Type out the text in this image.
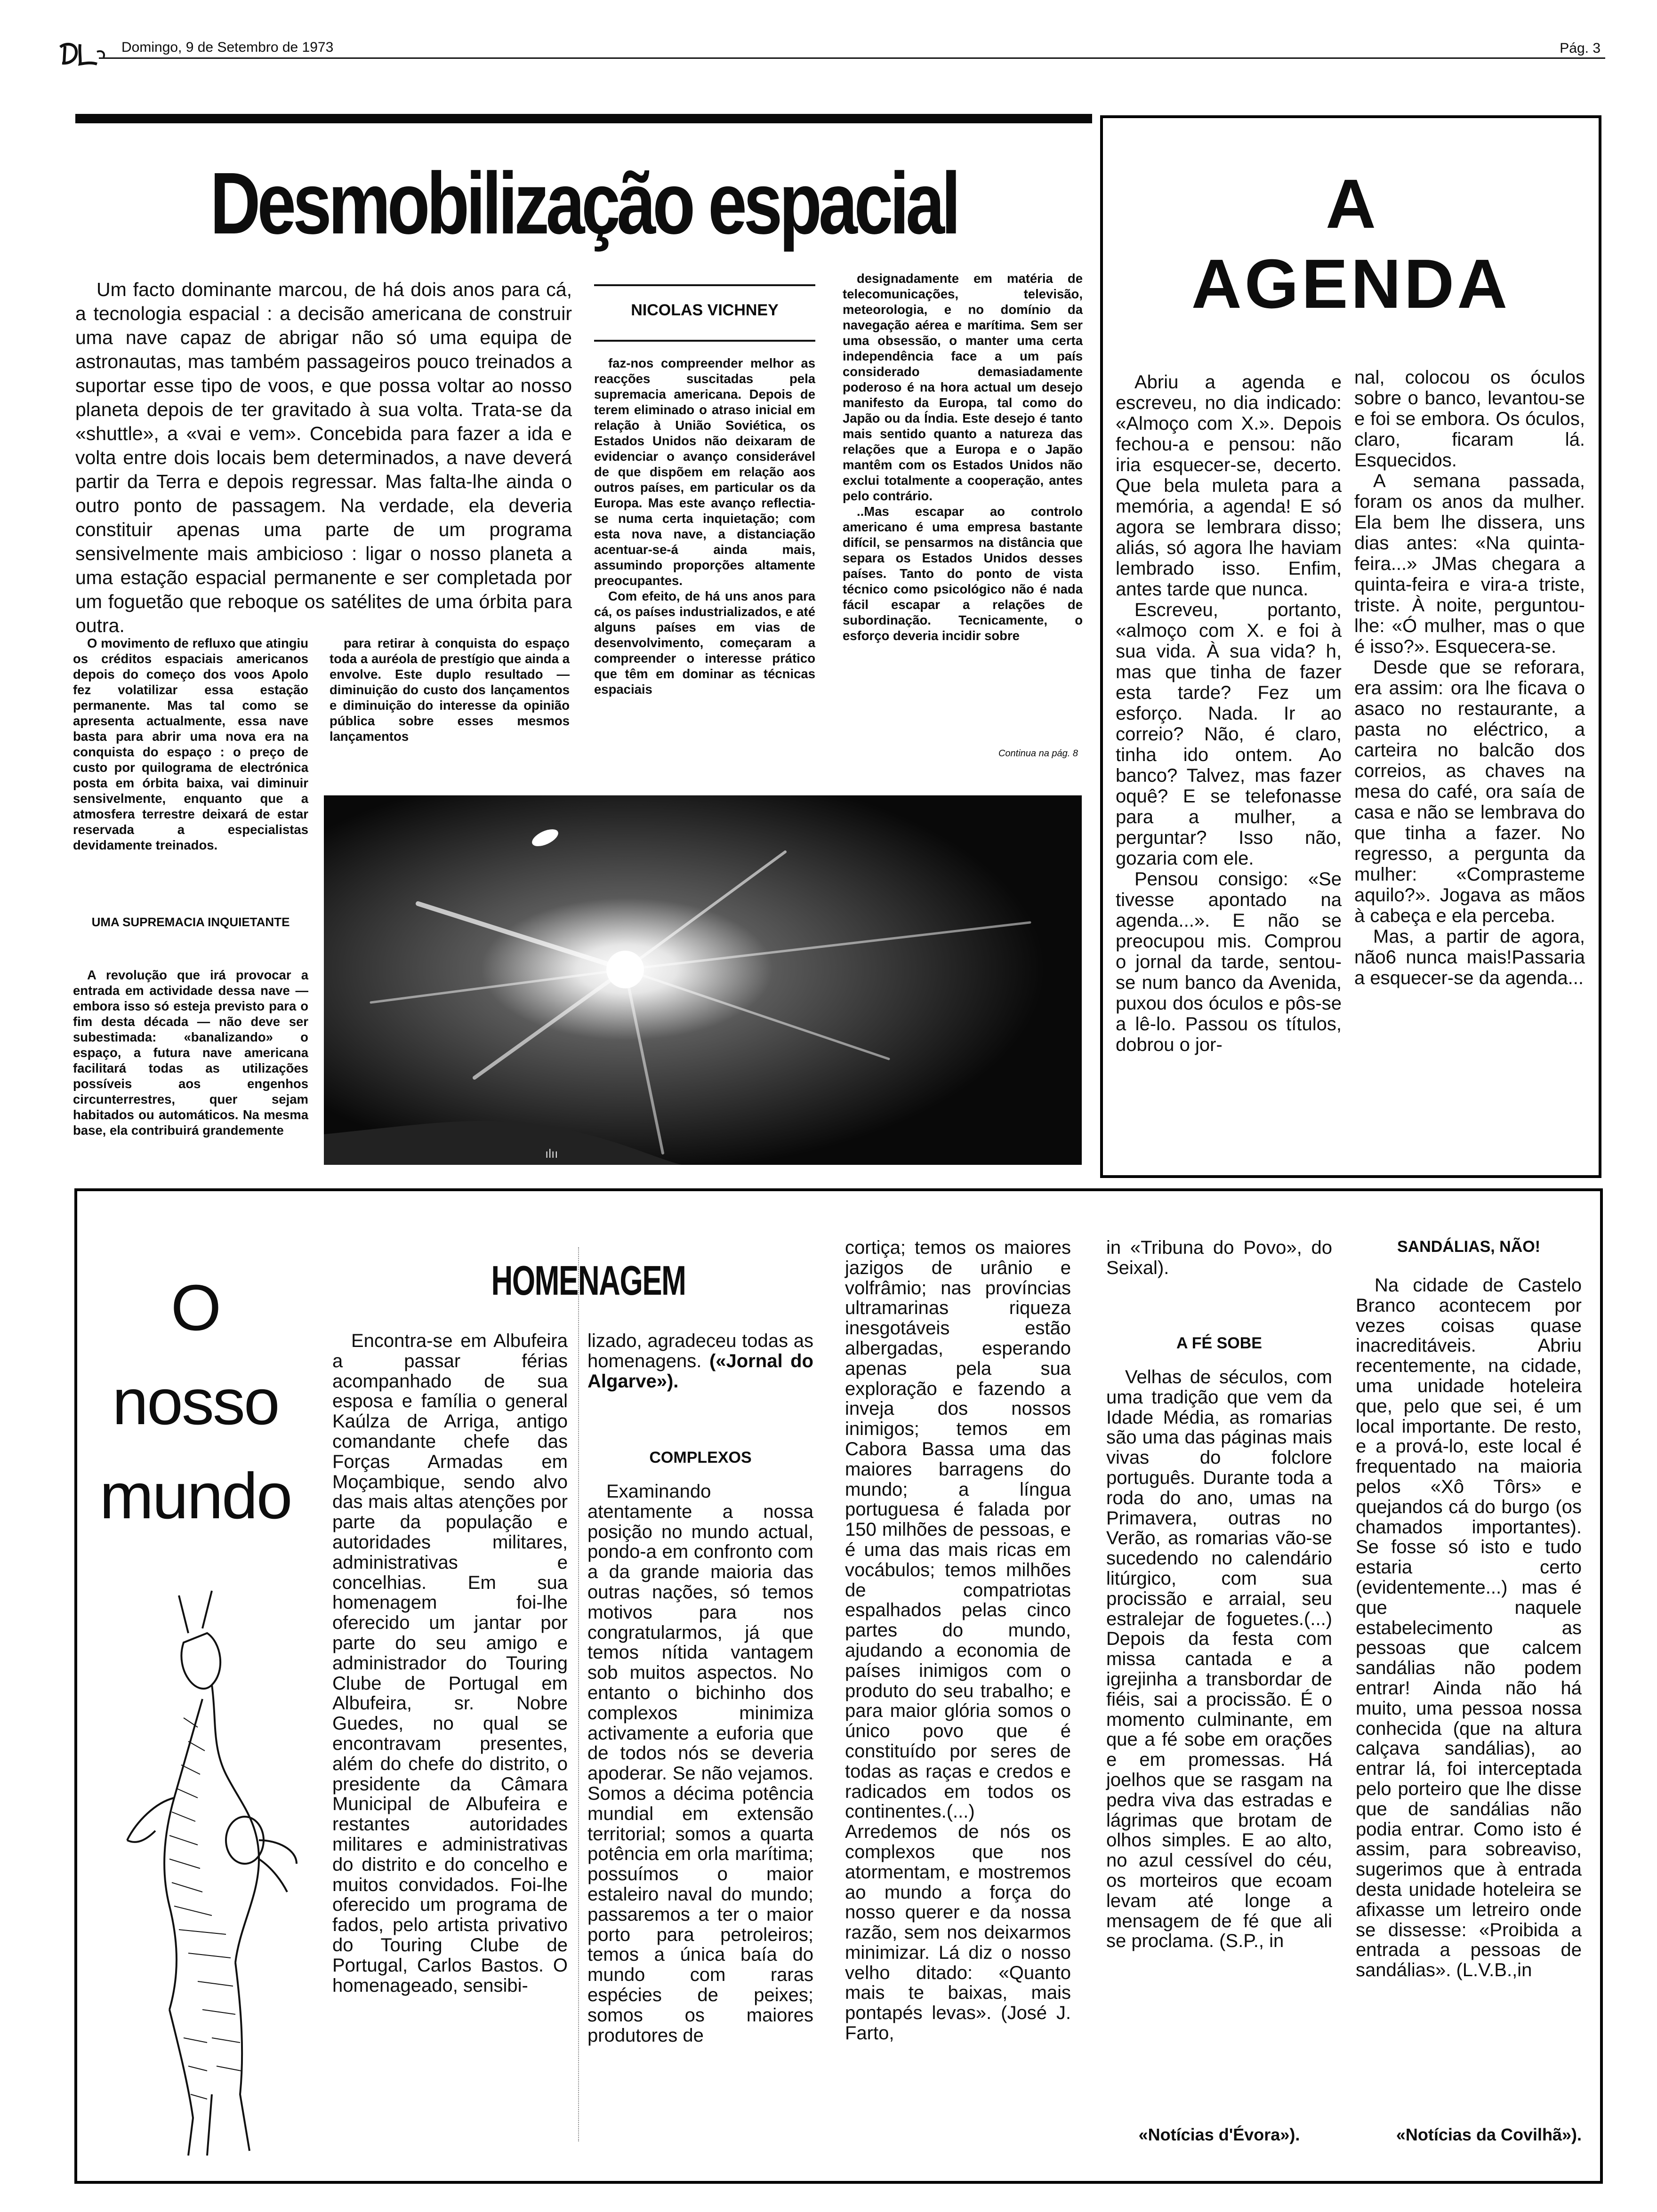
Domingo, 9 de Setembro de 1973	Pág. 3
Desmobilização espacial

Um facto dominante marcou, de há dois anos para cá, a tecnologia espacial : a decisão americana de construir uma nave capaz de abrigar não só uma equipa de astronautas, mas também passageiros pouco treinados a suportar esse tipo de voos, e que possa voltar ao nosso planeta depois de ter gravitado à sua volta. Trata-se da «shuttle», a «vai e vem». Concebida para fazer a ida e volta entre dois locais bem determinados, a nave deverá partir da Terra e depois regressar. Mas falta-lhe ainda o outro ponto de passagem. Na verdade, ela deveria constituir apenas uma parte de um programa sensivelmente mais ambicioso : ligar o nosso planeta a uma estação espacial permanente e ser completada por um foguetão que reboque os satélites de uma órbita para outra.

NICOLAS VICHNEY

O movimento de refluxo que atingiu os créditos espaciais americanos depois do começo dos voos Apolo fez volatilizar essa estação permanente. Mas tal como se apresenta actualmente, essa nave basta para abrir uma nova era na conquista do espaço : o preço de custo por quilograma de electrónica posta em órbita baixa, vai diminuir sensivelmente, enquanto que a atmosfera terrestre deixará de estar reservada a especialistas devidamente treinados.

UMA SUPREMACIA INQUIETANTE

A revolução que irá provocar a entrada em actividade dessa nave — embora isso só esteja previsto para o fim desta década — não deve ser subestimada: «banalizando» o espaço, a futura nave americana facilitará todas as utilizações possíveis aos engenhos circunterrestres, quer sejam habitados ou automáticos. Na mesma base, ela contribuirá grandemente

para retirar à conquista do espaço toda a auréola de prestígio que ainda a envolve. Este duplo resultado — diminuição do custo dos lançamentos e diminuição do interesse da opinião pública sobre esses mesmos lançamentos

faz-nos compreender melhor as reacções suscitadas pela supremacia americana. Depois de terem eliminado o atraso inicial em relação à União Soviética, os Estados Unidos não deixaram de evidenciar o avanço considerável de que dispõem em relação aos outros países, em particular os da Europa. Mas este avanço reflectia-se numa certa inquietação; com esta nova nave, a distanciação acentuar-se-á ainda mais, assumindo proporções altamente preocupantes.

Com efeito, de há uns anos para cá, os países industrializados, e até alguns países em vias de desenvolvimento, começaram a compreender o interesse prático que têm em dominar as técnicas espaciais

designadamente em matéria de telecomunicações, televisão, meteorologia, e no domínio da navegação aérea e marítima. Sem ser uma obsessão, o manter uma certa independência face a um país considerado demasiadamente poderoso é na hora actual um desejo manifesto da Europa, tal como do Japão ou da Índia. Este desejo é tanto mais sentido quanto a natureza das relações que a Europa e o Japão mantêm com os Estados Unidos não exclui totalmente a cooperação, antes pelo contrário.

..Mas escapar ao controlo americano é uma empresa bastante difícil, se pensarmos na distância que separa os Estados Unidos desses países. Tanto do ponto de vista técnico como psicológico não é nada fácil escapar a relações de subordinação. Tecnicamente, o esforço deveria incidir sobre

Continua na pág. 8
ılıı
A
AGENDA

Abriu a agenda e escreveu, no dia indicado: «Almoço com X.». Depois fechou-a e pensou: não iria esquecer-se, decerto. Que bela muleta para a memória, a agenda! E só agora se lembrara disso; aliás, só agora lhe haviam lembrado isso. Enfim, antes tarde que nunca.

Escreveu, portanto, «almoço com X. e foi à sua vida. À sua vida? h, mas que tinha de fazer esta tarde? Fez um esforço. Nada. Ir ao correio? Não, é claro, tinha ido ontem. Ao banco? Talvez, mas fazer oquê? E se telefonasse para a mulher, a perguntar? Isso não, gozaria com ele.

Pensou consigo: «Se tivesse apontado na agenda...». E não se preocupou mis. Comprou o jornal da tarde, sentou-se num banco da Avenida, puxou dos óculos e pôs-se a lê-lo. Passou os títulos, dobrou o jor-

nal, colocou os óculos sobre o banco, levantou-se e foi se embora. Os óculos, claro, ficaram lá. Esquecidos.

A semana passada, foram os anos da mulher. Ela bem lhe dissera, uns dias antes: «Na quinta-feira...» JMas chegara a quinta-feira e vira-a triste, triste. À noite, perguntou-lhe: «Ó mulher, mas o que é isso?». Esquecera-se.

Desde que se reforara, era assim: ora lhe ficava o asaco no restaurante, a pasta no eléctrico, a carteira no balcão dos correios, as chaves na mesa do café, ora saía de casa e não se lembrava do que tinha a fazer. No regresso, a pergunta da mulher: «Comprasteme aquilo?». Jogava as mãos à cabeça e ela perceba.

Mas, a partir de agora, não6 nunca mais!Passaria a esquecer-se da agenda...

O
nosso
mundo
HOMENAGEM

Encontra-se em Albufeira a passar férias acompanhado de sua esposa e família o general Kaúlza de Arriga, antigo comandante chefe das Forças Armadas em Moçambique, sendo alvo das mais altas atenções por parte da população e autoridades militares, administrativas e concelhias. Em sua homenagem foi-lhe oferecido um jantar por parte do seu amigo e administrador do Touring Clube de Portugal em Albufeira, sr. Nobre Guedes, no qual se encontravam presentes, além do chefe do distrito, o presidente da Câmara Municipal de Albufeira e restantes autoridades militares e administrativas do distrito e do concelho e muitos convidados. Foi-lhe oferecido um programa de fados, pelo artista privativo do Touring Clube de Portugal, Carlos Bastos. O homenageado, sensibi-

lizado, agradeceu todas as homenagens. («Jornal do Algarve»).

COMPLEXOS

Examinando atentamente a nossa posição no mundo actual, pondo-a em confronto com a da grande maioria das outras nações, só temos motivos para nos congratularmos, já que temos nítida vantagem sob muitos aspectos. No entanto o bichinho dos complexos minimiza activamente a euforia que de todos nós se deveria apoderar. Se não vejamos. Somos a décima potência mundial em extensão territorial; somos a quarta potência em orla marítima; possuímos o maior estaleiro naval do mundo; passaremos a ter o maior porto para petroleiros; temos a única baía do mundo com raras espécies de peixes; somos os maiores produtores de

cortiça; temos os maiores jazigos de urânio e volfrâmio; nas províncias ultramarinas riqueza inesgotáveis estão albergadas, esperando apenas pela sua exploração e fazendo a inveja dos nossos inimigos; temos em Cabora Bassa uma das maiores barragens do mundo; a língua portuguesa é falada por 150 milhões de pessoas, e é uma das mais ricas em vocábulos; temos milhões de compatriotas espalhados pelas cinco partes do mundo, ajudando a economia de países inimigos com o produto do seu trabalho; e para maior glória somos o único povo que é constituído por seres de todas as raças e credos e radicados em todos os continentes.(...) Arredemos de nós os complexos que nos atormentam, e mostremos ao mundo a força do nosso querer e da nossa razão, sem nos deixarmos minimizar. Lá diz o nosso velho ditado: «Quanto mais te baixas, mais pontapés levas». (José J. Farto,

in «Tribuna do Povo», do Seixal).

A FÉ SOBE

Velhas de séculos, com uma tradição que vem da Idade Média, as romarias são uma das páginas mais vivas do folclore português. Durante toda a roda do ano, umas na Primavera, outras no Verão, as romarias vão-se sucedendo no calendário litúrgico, com sua procissão e arraial, seu estralejar de foguetes.(...) Depois da festa com missa cantada e a igrejinha a transbordar de fiéis, sai a procissão. É o momento culminante, em que a fé sobe em orações e em promessas. Há joelhos que se rasgam na pedra viva das estradas e lágrimas que brotam de olhos simples. E ao alto, no azul cessível do céu, os morteiros que ecoam levam até longe a mensagem de fé que ali se proclama. (S.P., in

«Notícias d'Évora»).
SANDÁLIAS, NÃO!

Na cidade de Castelo Branco acontecem por vezes coisas quase inacreditáveis. Abriu recentemente, na cidade, uma unidade hoteleira que, pelo que sei, é um local importante. De resto, e a prová-lo, este local é frequentado na maioria pelos «Xô Tôrs» e quejandos cá do burgo (os chamados importantes). Se fosse só isto e tudo estaria certo (evidentemente...) mas é que naquele estabelecimento as pessoas que calcem sandálias não podem entrar! Ainda não há muito, uma pessoa nossa conhecida (que na altura calçava sandálias), ao entrar lá, foi interceptada pelo porteiro que lhe disse que de sandálias não podia entrar. Como isto é assim, para sobreaviso, sugerimos que à entrada desta unidade hoteleira se afixasse um letreiro onde se dissesse: «Proibida a entrada a pessoas de sandálias». (L.V.B.,in

«Notícias da Covilhã»).
